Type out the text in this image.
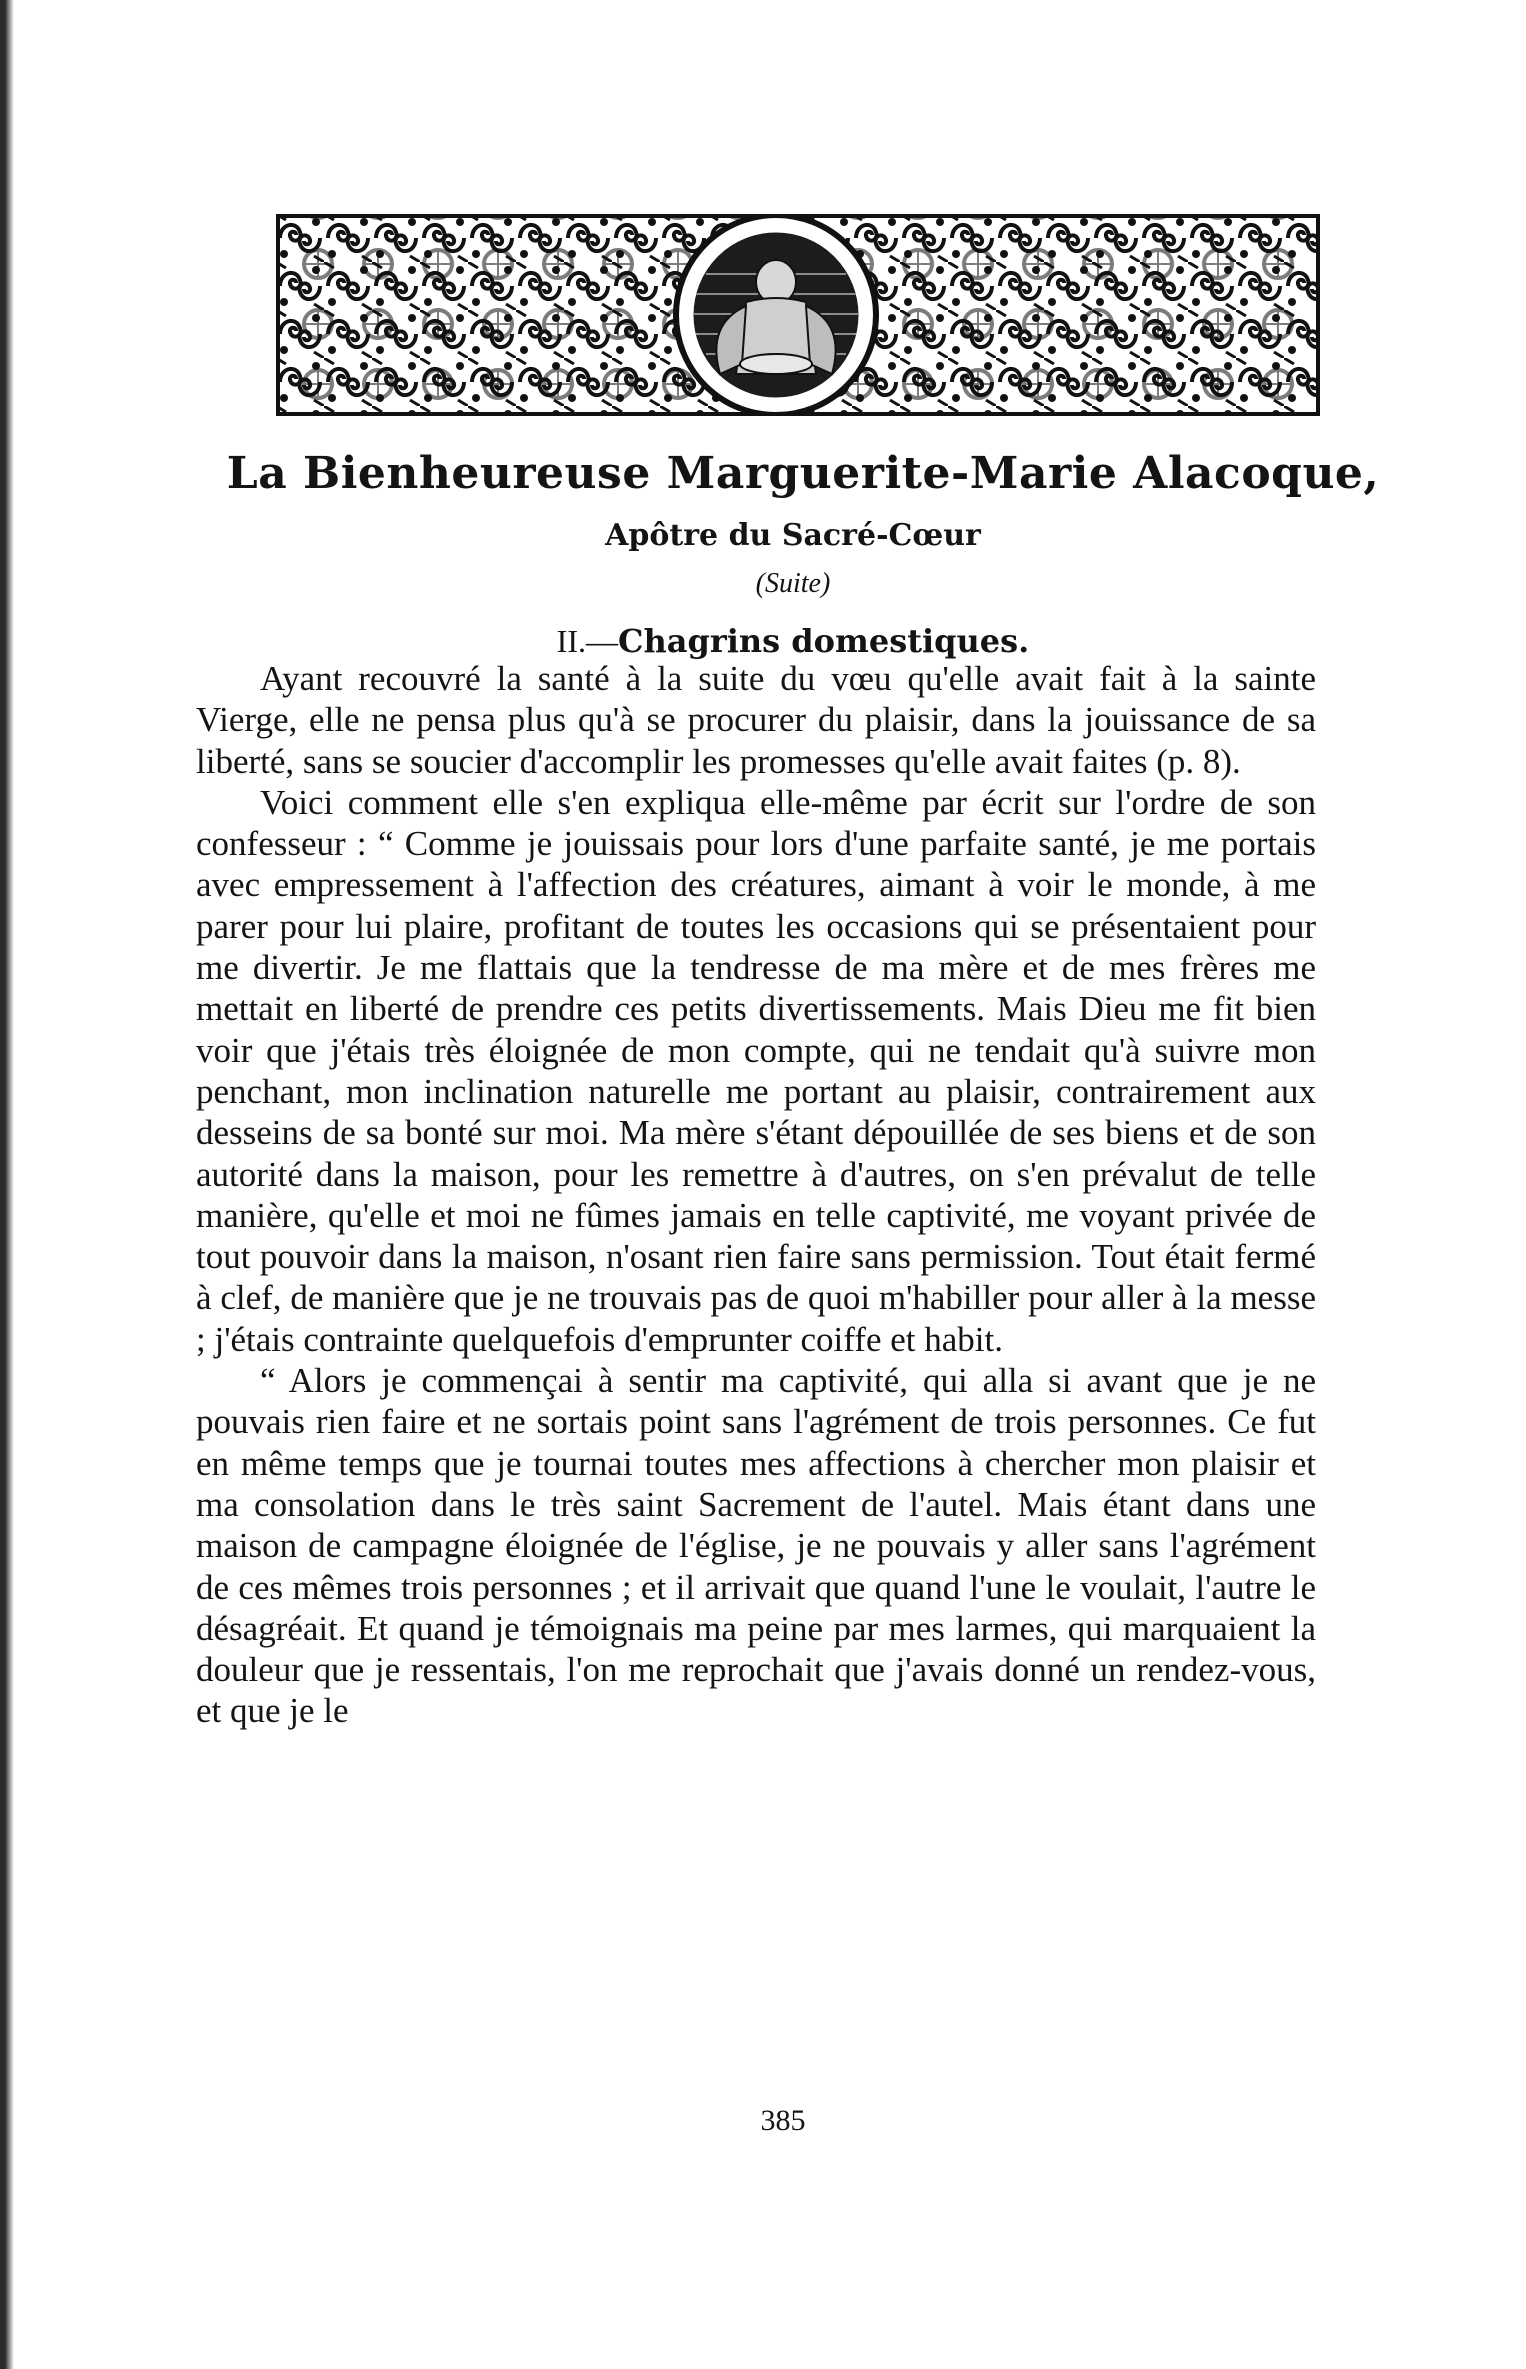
La Bienheureuse Marguerite-Marie Alacoque,
Apôtre du Sacré-Cœur
(Suite)
II.—Chagrins domestiques.

Ayant recouvré la santé à la suite du vœu qu'elle avait fait à la sainte Vierge, elle ne pensa plus qu'à se procurer du plaisir, dans la jouissance de sa liberté, sans se soucier d'accomplir les promesses qu'elle avait faites (p. 8).

Voici comment elle s'en expliqua elle-même par écrit sur l'ordre de son confesseur : “ Comme je jouissais pour lors d'une parfaite santé, je me portais avec empressement à l'affection des créatures, aimant à voir le monde, à me parer pour lui plaire, profitant de toutes les occasions qui se présentaient pour me divertir. Je me flattais que la tendresse de ma mère et de mes frères me mettait en liberté de prendre ces petits divertissements. Mais Dieu me fit bien voir que j'étais très éloignée de mon compte, qui ne tendait qu'à suivre mon penchant, mon inclination naturelle me portant au plaisir, contrairement aux desseins de sa bonté sur moi. Ma mère s'étant dépouillée de ses biens et de son autorité dans la maison, pour les remettre à d'autres, on s'en prévalut de telle manière, qu'elle et moi ne fûmes jamais en telle captivité, me voyant privée de tout pouvoir dans la maison, n'osant rien faire sans permission. Tout était fermé à clef, de manière que je ne trouvais pas de quoi m'habiller pour aller à la messe ; j'étais contrainte quelquefois d'emprunter coiffe et habit.

“ Alors je commençai à sentir ma captivité, qui alla si avant que je ne pouvais rien faire et ne sortais point sans l'agrément de trois personnes. Ce fut en même temps que je tournai toutes mes affections à chercher mon plaisir et ma consolation dans le très saint Sacrement de l'autel. Mais étant dans une maison de campagne éloignée de l'église, je ne pouvais y aller sans l'agrément de ces mêmes trois personnes ; et il arrivait que quand l'une le voulait, l'autre le désagréait. Et quand je témoignais ma peine par mes larmes, qui marquaient la douleur que je ressentais, l'on me reprochait que j'avais donné un rendez-vous, et que je le

385
